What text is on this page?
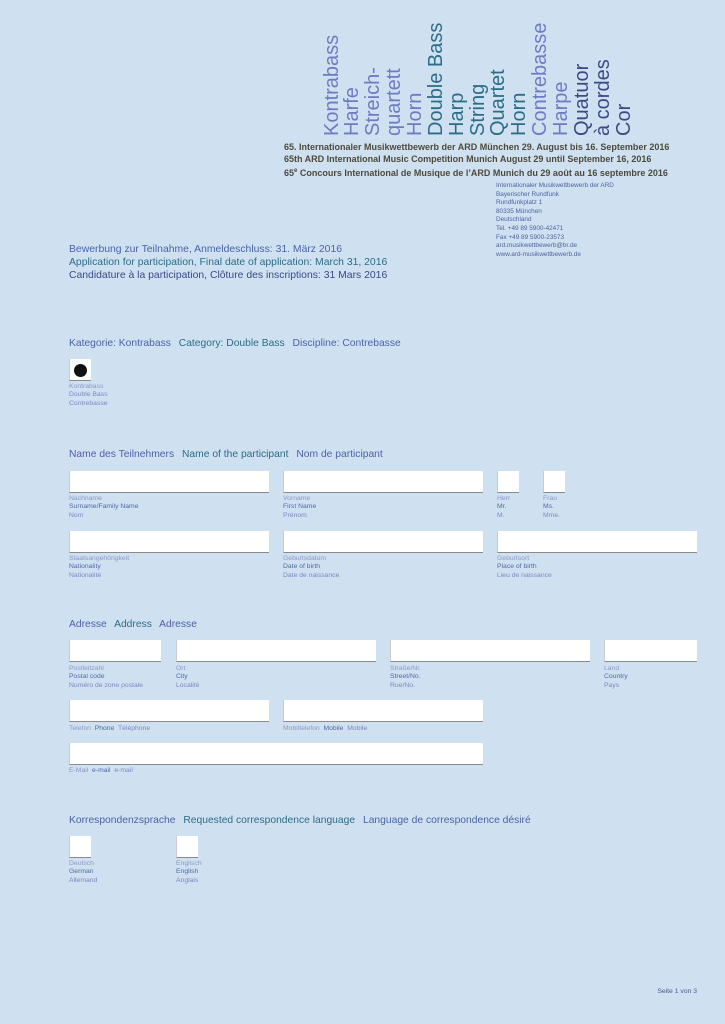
Kontrabass
Harfe Streich- quartett Horn Double Bass Harp String
Quartet Horn Contrebasse Harpe Quatuor à cordes Cor
65. Internationaler Musikwettbewerb der ARD München 29. August bis 16. September 2016
65th ARD International Music Competition Munich August 29 until September 16, 2016
65e Concours International de Musique de l’ARD Munich du 29 août au 16 septembre 2016
Internationaler Musikwettbewerb der ARD
Bayerischer Rundfunk
Rundfunkplatz 1
80335 München
Deutschland
Tel. +49 89 5900-42471
Fax +49 89 5900-23573
ard.musikwettbewerb@br.de
www.ard-musikwettbewerb.de
Bewerbung zur Teilnahme, Anmeldeschluss: 31. März 2016
Application for participation, Final date of application: March 31, 2016
Candidature à la participation, Clôture des inscriptions: 31 Mars 2016
Kategorie: Kontrabass Category: Double Bass Discipline: Contrebasse
Kontrabass
Double Bass
Contrebasse
Name des Teilnehmers Name of the participant Nom de participant
Nachname
Surname/Family Name
Nom
Vorname
First Name
Prénom
Herr
Mr.
M.
Frau
Ms.
Mme.
Staatsangehörigkeit
Nationality
Nationalité
Geburtsdatum
Date of birth
Date de naissance
Geburtsort
Place of birth
Lieu de naissance
Adresse Address Adresse
Postleitzahl
Postal code
Numéro de zone postale
Ort
City
Localité
Straße/Nr.
Street/No.
Rue/No.
Land
Country
Pays
Telefon Phone Téléphone	Mobiltelefon Mobile Mobile
E-Mail e-mail e-mail
Korrespondenzsprache Requested correspondence language Language de correspondence désiré
Deutsch
German
Allemand
Englisch
English
Anglais
Seite 1 von 3
